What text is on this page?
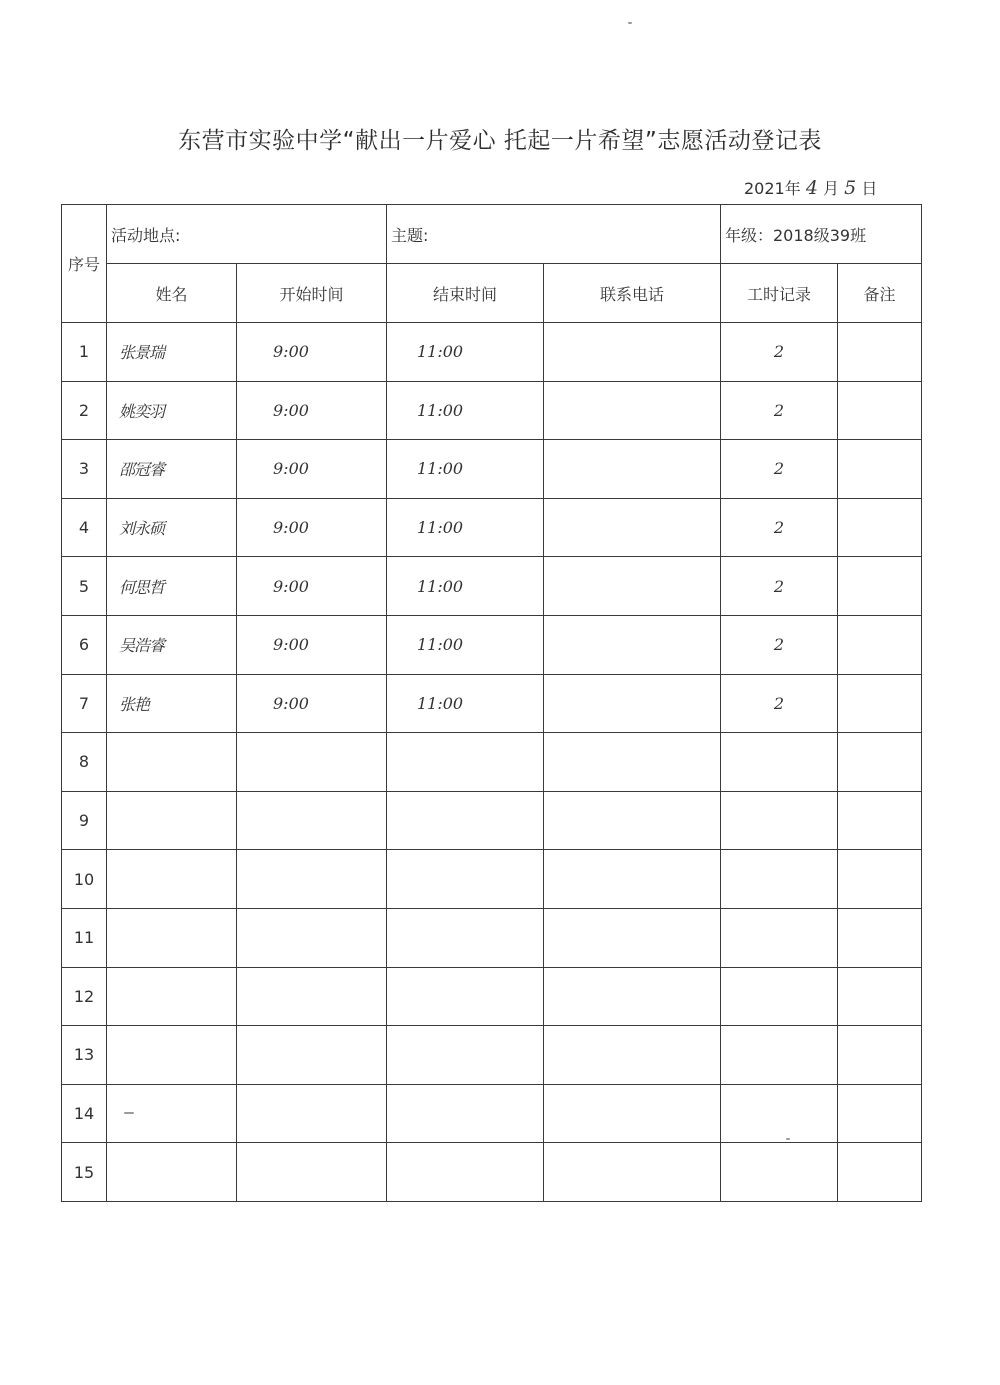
东营市实验中学“献出一片爱心 托起一片希望”志愿活动登记表
2021年 4 月 5 日
序号	活动地点:		主题:		年级：2018级39班	
	姓名	开始时间	结束时间	联系电话	工时记录	备注
1	张景瑞	9:00	11:00		2	
2	姚奕羽	9:00	11:00		2	
3	邵冠睿	9:00	11:00		2	
4	刘永硕	9:00	11:00		2	
5	何思哲	9:00	11:00		2	
6	吴浩睿	9:00	11:00		2	
7	张艳	9:00	11:00		2	
8						
9						
10						
11						
12						
13						
14						
15						
